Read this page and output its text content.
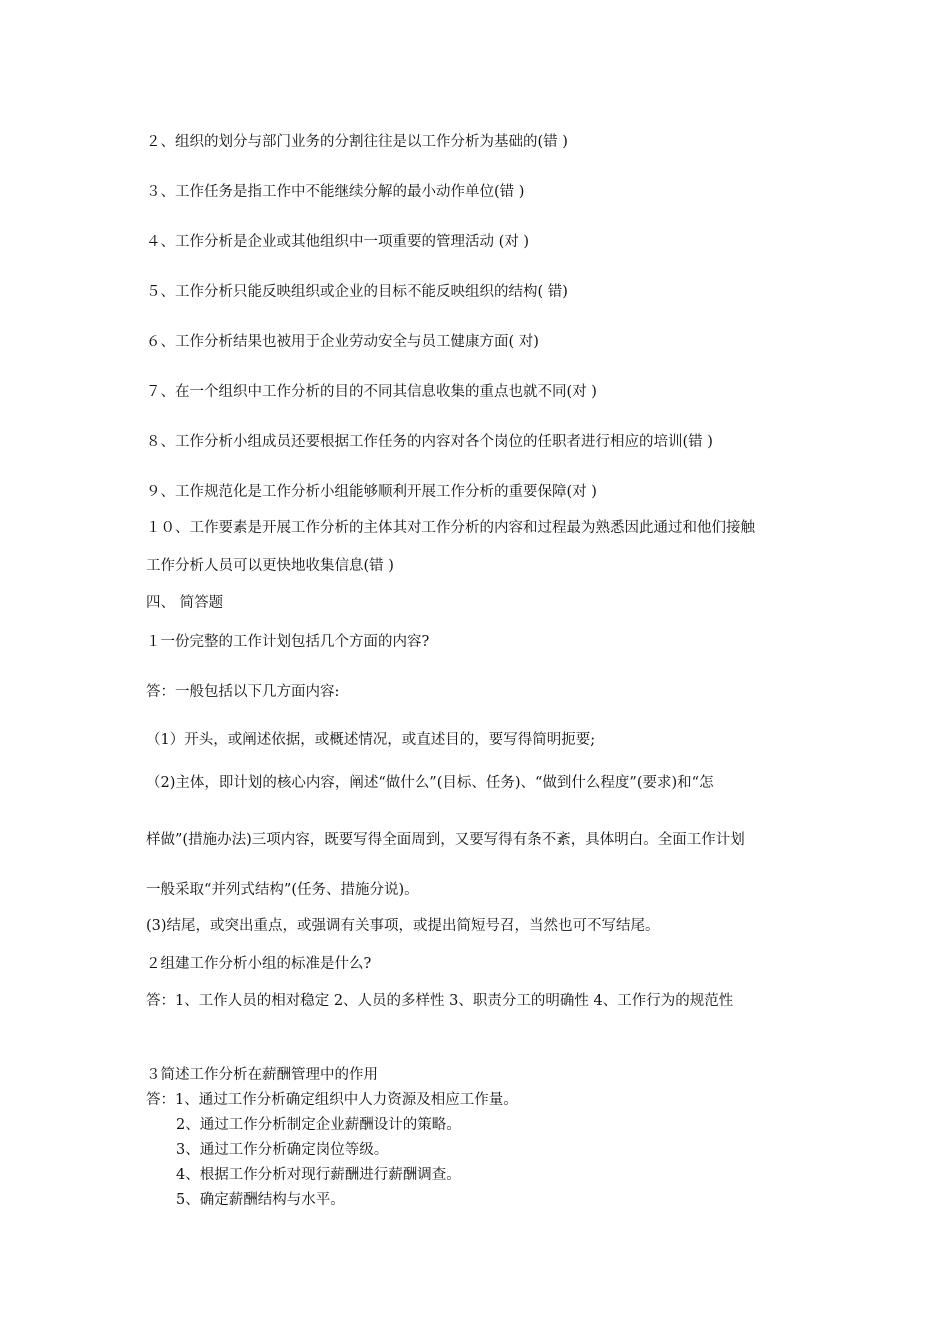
２、组织的划分与部门业务的分割往往是以工作分析为基础的(错 )
３、工作任务是指工作中不能继续分解的最小动作单位(错 )
４、工作分析是企业或其他组织中一项重要的管理活动 (对 )
５、工作分析只能反映组织或企业的目标不能反映组织的结构( 错)
６、工作分析结果也被用于企业劳动安全与员工健康方面( 对)
７、在一个组织中工作分析的目的不同其信息收集的重点也就不同(对 )
８、工作分析小组成员还要根据工作任务的内容对各个岗位的任职者进行相应的培训(错 )
９、工作规范化是工作分析小组能够顺利开展工作分析的重要保障(对 )
１０、工作要素是开展工作分析的主体其对工作分析的内容和过程最为熟悉因此通过和他们接触
工作分析人员可以更快地收集信息(错 )
四、 简答题
１一份完整的工作计划包括几个方面的内容?
答：一般包括以下几方面内容:
（1）开头，或阐述依据，或概述情况，或直述目的，要写得简明扼要;
（2)主体，即计划的核心内容，阐述“做什么”(目标、任务)、“做到什么程度”(要求)和“怎
样做”(措施办法)三项内容，既要写得全面周到，又要写得有条不紊，具体明白。全面工作计划
一般采取“并列式结构”(任务、措施分说)。
(3)结尾，或突出重点，或强调有关事项，或提出简短号召，当然也可不写结尾。
２组建工作分析小组的标准是什么?
答：1、工作人员的相对稳定 2、人员的多样性 3、职责分工的明确性 4、工作行为的规范性
３简述工作分析在薪酬管理中的作用
答：1、通过工作分析确定组织中人力资源及相应工作量。
2、通过工作分析制定企业薪酬设计的策略。
3、通过工作分析确定岗位等级。
4、根据工作分析对现行薪酬进行薪酬调查。
5、确定薪酬结构与水平。
